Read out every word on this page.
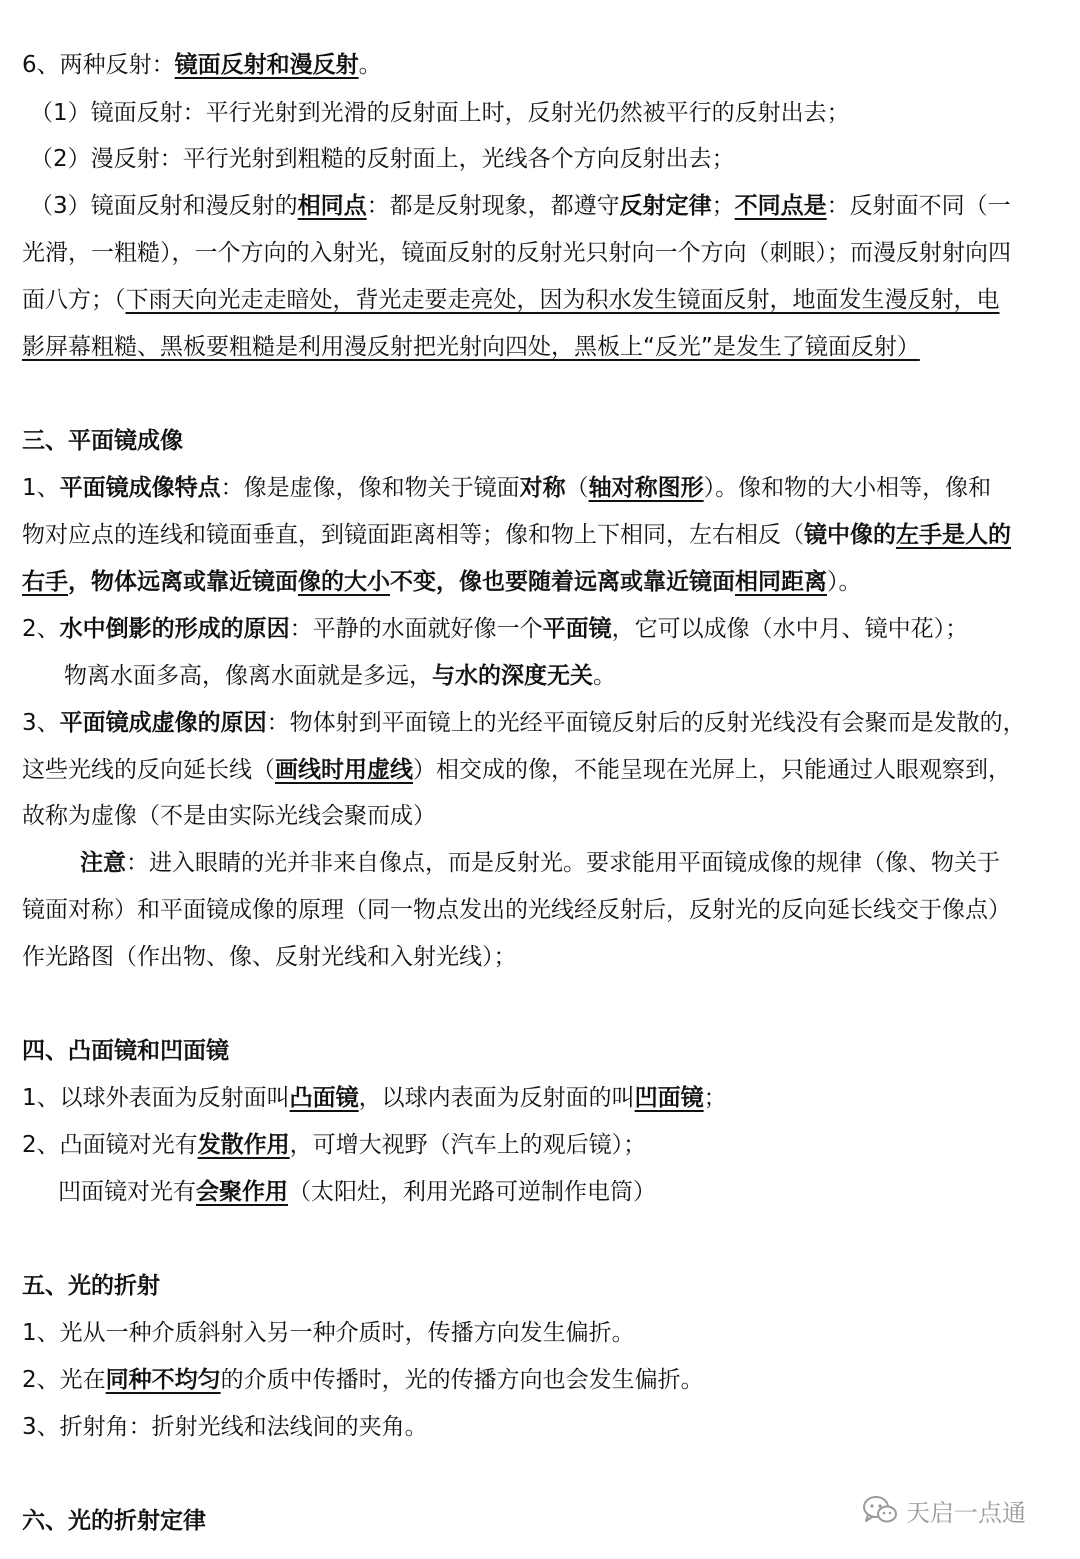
6、两种反射：镜面反射和漫反射。
（1）镜面反射：平行光射到光滑的反射面上时，反射光仍然被平行的反射出去；
（2）漫反射：平行光射到粗糙的反射面上，光线各个方向反射出去；
（3）镜面反射和漫反射的相同点：都是反射现象，都遵守反射定律；不同点是：反射面不同（一
光滑，一粗糙），一个方向的入射光，镜面反射的反射光只射向一个方向（刺眼）；而漫反射射向四
面八方；（下雨天向光走走暗处，背光走要走亮处，因为积水发生镜面反射，地面发生漫反射，电
影屏幕粗糙、黑板要粗糙是利用漫反射把光射向四处，黑板上“反光”是发生了镜面反射）
三、平面镜成像
1、平面镜成像特点：像是虚像，像和物关于镜面对称（轴对称图形）。像和物的大小相等，像和
物对应点的连线和镜面垂直，到镜面距离相等；像和物上下相同，左右相反（镜中像的左手是人的
右手，物体远离或靠近镜面像的大小不变，像也要随着远离或靠近镜面相同距离）。
2、水中倒影的形成的原因：平静的水面就好像一个平面镜，它可以成像（水中月、镜中花）；
物离水面多高，像离水面就是多远，与水的深度无关。
3、平面镜成虚像的原因：物体射到平面镜上的光经平面镜反射后的反射光线没有会聚而是发散的，
这些光线的反向延长线（画线时用虚线）相交成的像，不能呈现在光屏上，只能通过人眼观察到，
故称为虚像（不是由实际光线会聚而成）
注意：进入眼睛的光并非来自像点，而是反射光。要求能用平面镜成像的规律（像、物关于
镜面对称）和平面镜成像的原理（同一物点发出的光线经反射后，反射光的反向延长线交于像点）
作光路图（作出物、像、反射光线和入射光线）；
四、凸面镜和凹面镜
1、以球外表面为反射面叫凸面镜，以球内表面为反射面的叫凹面镜；
2、凸面镜对光有发散作用，可增大视野（汽车上的观后镜）；
凹面镜对光有会聚作用（太阳灶，利用光路可逆制作电筒）
五、光的折射
1、光从一种介质斜射入另一种介质时，传播方向发生偏折。
2、光在同种不均匀的介质中传播时，光的传播方向也会发生偏折。
3、折射角：折射光线和法线间的夹角。
六、光的折射定律	天启一点通
